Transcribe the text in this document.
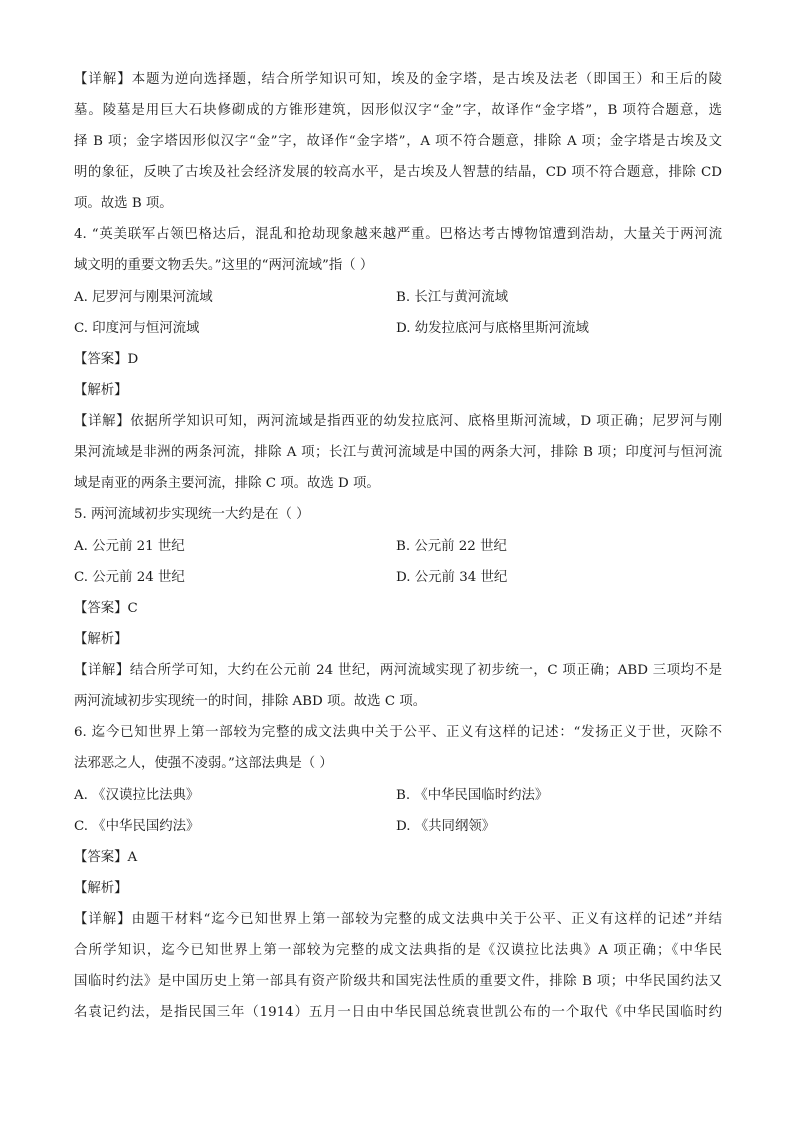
【详解】本题为逆向选择题，结合所学知识可知，埃及的金字塔，是古埃及法老（即国王）和王后的陵
墓。陵墓是用巨大石块修砌成的方锥形建筑，因形似汉字“金”字，故译作“金字塔”，B 项符合题意，选
择 B 项；金字塔因形似汉字“金”字，故译作“金字塔”，A 项不符合题意，排除 A 项；金字塔是古埃及文
明的象征，反映了古埃及社会经济发展的较高水平，是古埃及人智慧的结晶，CD 项不符合题意，排除 CD
项。故选 B 项。
4. “英美联军占领巴格达后，混乱和抢劫现象越来越严重。巴格达考古博物馆遭到浩劫，大量关于两河流
域文明的重要文物丢失。”这里的“两河流域”指（ ）
A. 尼罗河与刚果河流域	B. 长江与黄河流域
C. 印度河与恒河流域	D. 幼发拉底河与底格里斯河流域
【答案】D
【解析】
【详解】依据所学知识可知，两河流域是指西亚的幼发拉底河、底格里斯河流域，D 项正确；尼罗河与刚
果河流域是非洲的两条河流，排除 A 项；长江与黄河流域是中国的两条大河，排除 B 项；印度河与恒河流
域是南亚的两条主要河流，排除 C 项。故选 D 项。
5. 两河流域初步实现统一大约是在（ ）
A. 公元前 21 世纪	B. 公元前 22 世纪
C. 公元前 24 世纪	D. 公元前 34 世纪
【答案】C
【解析】
【详解】结合所学可知，大约在公元前 24 世纪，两河流域实现了初步统一，C 项正确；ABD 三项均不是
两河流域初步实现统一的时间，排除 ABD 项。故选 C 项。
6. 迄今已知世界上第一部较为完整的成文法典中关于公平、正义有这样的记述：“发扬正义于世，灭除不
法邪恶之人，使强不凌弱。”这部法典是（ ）
A. 《汉谟拉比法典》	B. 《中华民国临时约法》
C. 《中华民国约法》	D. 《共同纲领》
【答案】A
【解析】
【详解】由题干材料“迄今已知世界上第一部较为完整的成文法典中关于公平、正义有这样的记述”并结
合所学知识，迄今已知世界上第一部较为完整的成文法典指的是《汉谟拉比法典》A 项正确；《中华民
国临时约法》是中国历史上第一部具有资产阶级共和国宪法性质的重要文件，排除 B 项；中华民国约法又
名袁记约法，是指民国三年（1914）五月一日由中华民国总统袁世凯公布的一个取代《中华民国临时约
